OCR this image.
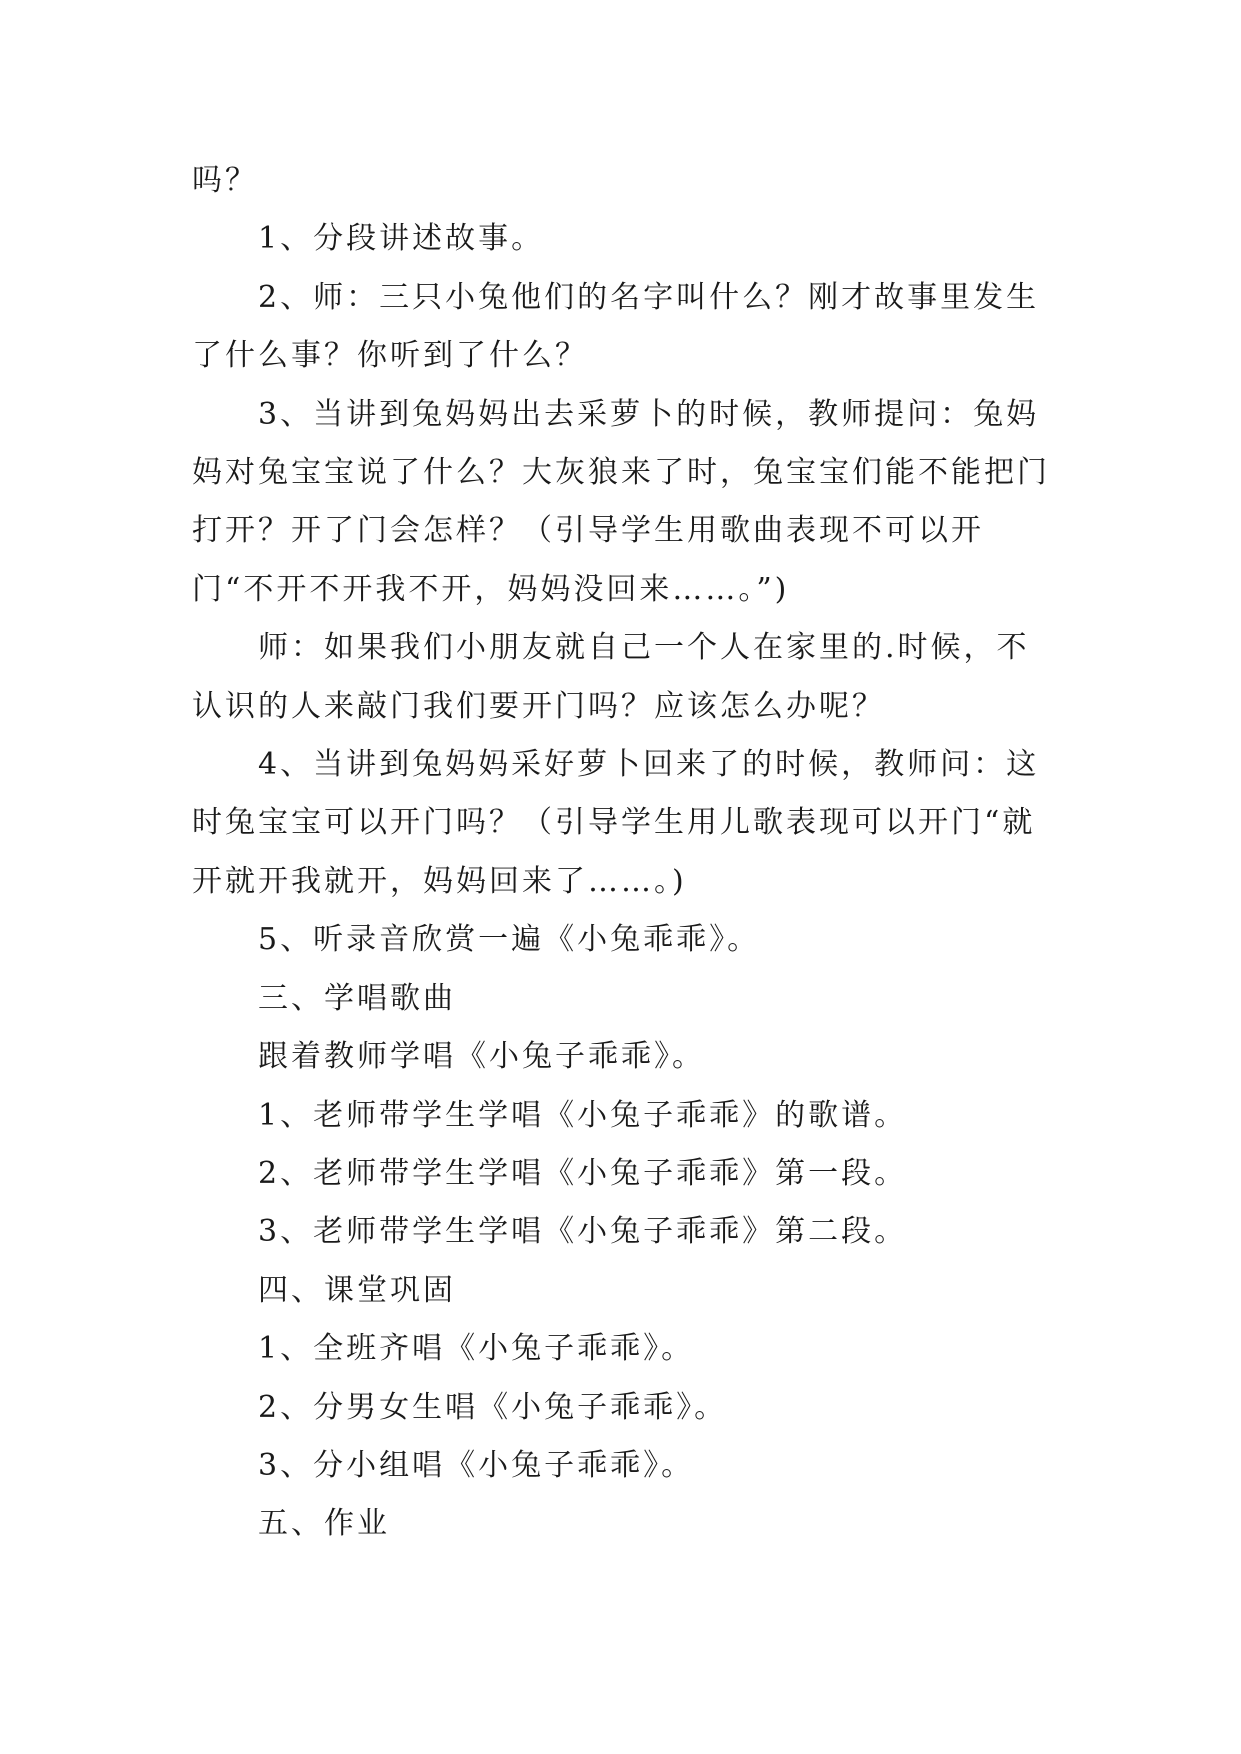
吗？

1、分段讲述故事。

2、师：三只小兔他们的名字叫什么？刚才故事里发生了什么事？你听到了什么？

3、当讲到兔妈妈出去采萝卜的时候，教师提问：兔妈妈对兔宝宝说了什么？大灰狼来了时，兔宝宝们能不能把门打开？开了门会怎样？（引导学生用歌曲表现不可以开门“不开不开我不开，妈妈没回来……。”)

师：如果我们小朋友就自己一个人在家里的.时候，不认识的人来敲门我们要开门吗？应该怎么办呢？

4、当讲到兔妈妈采好萝卜回来了的时候，教师问：这时兔宝宝可以开门吗？（引导学生用儿歌表现可以开门“就开就开我就开，妈妈回来了……。)

5、听录音欣赏一遍《小兔乖乖》。

三、学唱歌曲

跟着教师学唱《小兔子乖乖》。

1、老师带学生学唱《小兔子乖乖》的歌谱。

2、老师带学生学唱《小兔子乖乖》第一段。

3、老师带学生学唱《小兔子乖乖》第二段。

四、课堂巩固

1、全班齐唱《小兔子乖乖》。

2、分男女生唱《小兔子乖乖》。

3、分小组唱《小兔子乖乖》。

五、作业
